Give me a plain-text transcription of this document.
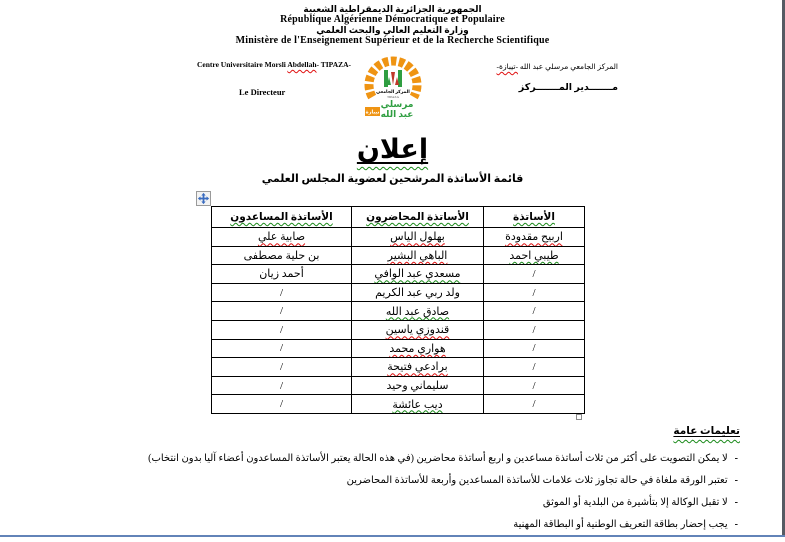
الجمهورية الجزائرية الديمقراطية الشعبية
République Algérienne Démocratique et Populaire
وزارة التعليم العالي والبحث العلمي
Ministère de l'Enseignement Supérieur et de la Recherche Scientifique
Centre Universitaire Morsli Abdellah- TIPAZA-
Le Directeur	المركز الجامعي
TIPAZA
مرسلي
عبد الله
تيبازة
المركز الجامعي مرسلي عبد الله -تيبازة-
مـــــــدير المـــــــركز
إعلان
قائمة الأساتذة المرشحين لعضوية المجلس العلمي
الأساتذة	الأساتذة المحاضرون	الأساتذة المساعدون
اربيح مقدودة	بهلول الياس	صابية علي
طيبي احمد	الباهي البشير	بن حلية مصطفى
/	مسعدي عبد الوافي	أحمد زيان
/	ولد ربي عبد الكريم	/
/	صادق عبد الله	/
/	قندوزي ياسين	/
/	هواري محمد	/
/	برادعي فتيحة	/
/	سليماني وحيد	/
/	ديب عائشة	/
تعليمات عامة
- لا يمكن التصويت على أكثر من ثلاث أساتذة مساعدين و اربع أساتذة محاضرين (في هذه الحالة يعتبر الأساتذة المساعدون أعضاء آليا بدون انتخاب)
- تعتبر الورقة ملغاة في حالة تجاوز ثلاث علامات للأساتذة المساعدين وأربعة للأساتذة المحاضرين
- لا تقبل الوكالة إلا بتأشيرة من البلدية أو الموثق
- يجب إحضار بطاقة التعريف الوطنية أو البطاقة المهنية
